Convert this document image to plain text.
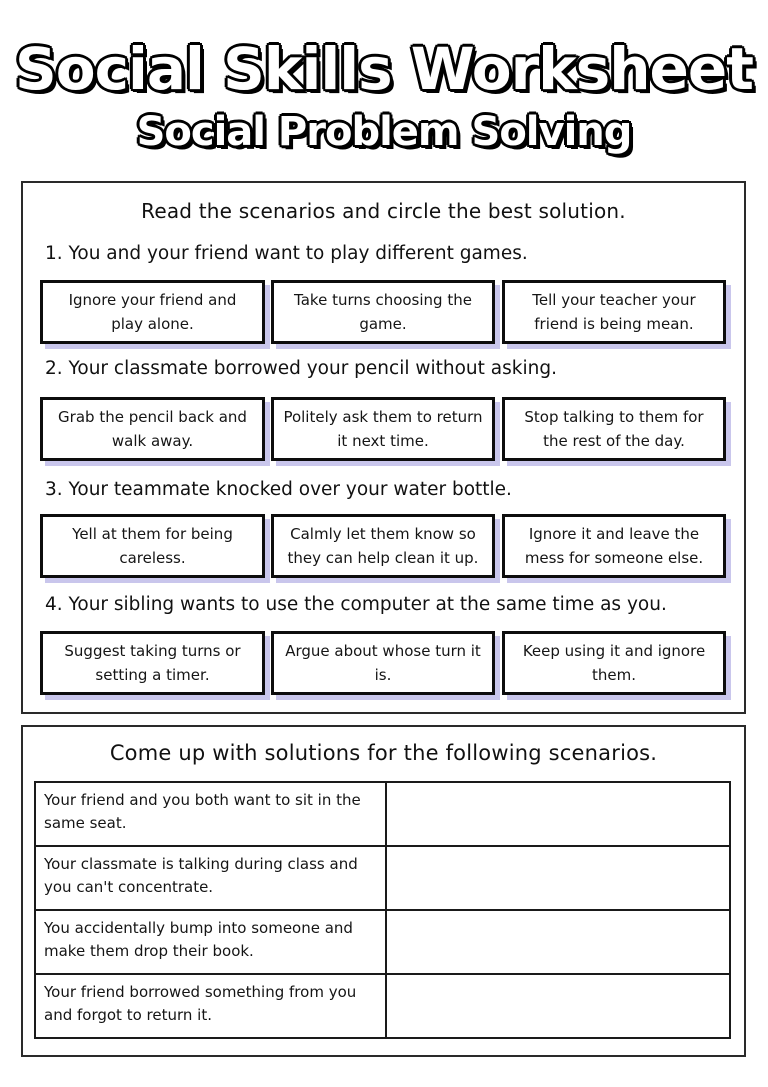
Social Skills Worksheet
Social Problem Solving
Read the scenarios and circle the best solution.
1. You and your friend want to play different games.
Ignore your friend and play alone.
Take turns choosing the game.
Tell your teacher your friend is being mean.
2. Your classmate borrowed your pencil without asking.
Grab the pencil back and walk away.
Politely ask them to return it next time.
Stop talking to them for the rest of the day.
3. Your teammate knocked over your water bottle.
Yell at them for being careless.
Calmly let them know so they can help clean it up.
Ignore it and leave the mess for someone else.
4. Your sibling wants to use the computer at the same time as you.
Suggest taking turns or setting a timer.
Argue about whose turn it is.
Keep using it and ignore them.
Come up with solutions for the following scenarios.
Your friend and you both want to sit in the same seat.	
Your classmate is talking during class and you can't concentrate.	
You accidentally bump into someone and make them drop their book.	
Your friend borrowed something from you and forgot to return it.	
